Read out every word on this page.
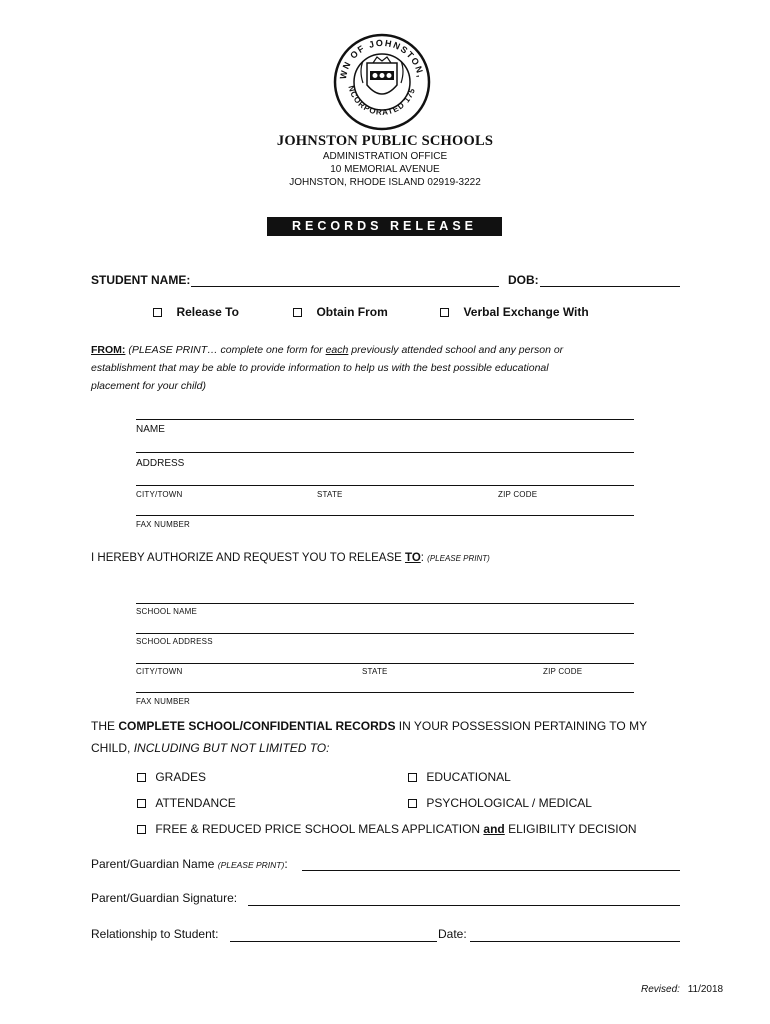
WN OF JOHNSTON,
NCORPORATED 175
JOHNSTON PUBLIC SCHOOLS
ADMINISTRATION OFFICE
10 MEMORIAL AVENUE
JOHNSTON, RHODE ISLAND 02919-3222
RECORDS RELEASE FORM
STUDENT NAME:	DOB:
Release To	Obtain From	Verbal Exchange With
FROM: (PLEASE PRINT… complete one form for each previously attended school and any person or
establishment that may be able to provide information to help us with the best possible educational
placement for your child)
NAME
ADDRESS
CITY/TOWN	STATE	ZIP CODE
FAX NUMBER
I HEREBY AUTHORIZE AND REQUEST YOU TO RELEASE TO: (PLEASE PRINT)
SCHOOL NAME
SCHOOL ADDRESS
CITY/TOWN	STATE	ZIP CODE
FAX NUMBER
THE COMPLETE SCHOOL/CONFIDENTIAL RECORDS IN YOUR POSSESSION PERTAINING TO MY
CHILD, INCLUDING BUT NOT LIMITED TO:
GRADES	EDUCATIONAL
ATTENDANCE	PSYCHOLOGICAL / MEDICAL
FREE & REDUCED PRICE SCHOOL MEALS APPLICATION and ELIGIBILITY DECISION
Parent/Guardian Name (PLEASE PRINT):
Parent/Guardian Signature:
Relationship to Student:	Date:
Revised: 11/2018
